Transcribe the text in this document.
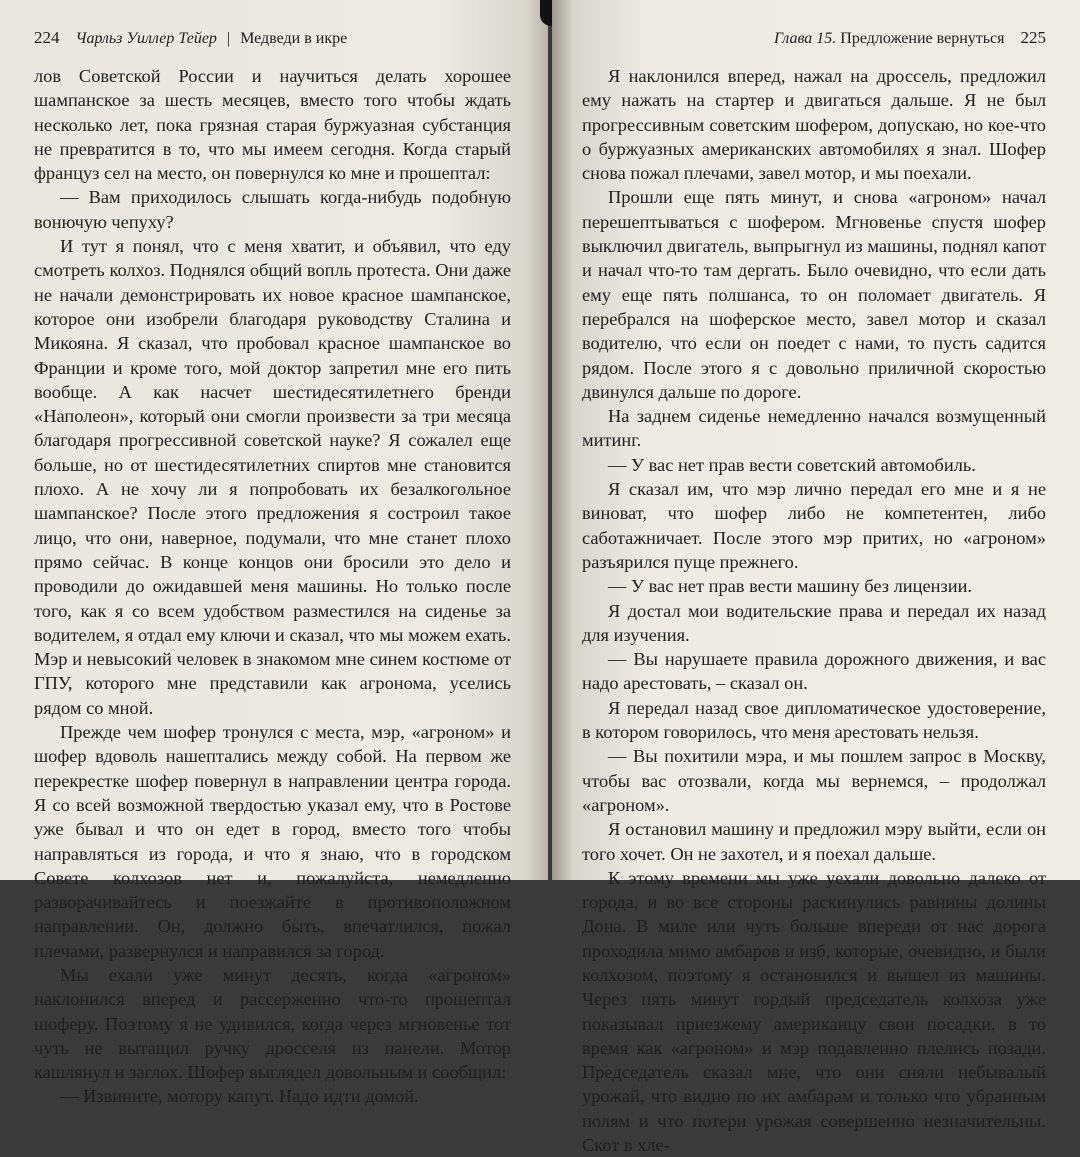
224 Чарльз Уиллер Тейер | Медведи в икре

лов Советской России и научиться делать хорошее шампанское за шесть месяцев, вместо того чтобы ждать несколько лет, пока грязная старая буржуазная субстанция не превратится в то, что мы имеем сегодня. Когда старый француз сел на место, он повернулся ко мне и прошептал:

— Вам приходилось слышать когда-нибудь подобную вонючую чепуху?

И тут я понял, что с меня хватит, и объявил, что еду смотреть колхоз. Поднялся общий вопль протеста. Они даже не начали демонстрировать их новое красное шампанское, которое они изобрели благодаря руководству Сталина и Микояна. Я сказал, что пробовал красное шампанское во Франции и кроме того, мой доктор запретил мне его пить вообще. А как насчет шестидесятилетнего бренди «Наполеон», который они смогли произвести за три месяца благодаря прогрессивной советской науке? Я сожалел еще больше, но от шестидесятилетних спиртов мне становится плохо. А не хочу ли я попробовать их безалкогольное шампанское? После этого предложения я состроил такое лицо, что они, наверное, подумали, что мне станет плохо прямо сейчас. В конце концов они бросили это дело и проводили до ожидавшей меня машины. Но только после того, как я со всем удобством разместился на сиденье за водителем, я отдал ему ключи и сказал, что мы можем ехать. Мэр и невысокий человек в знакомом мне синем костюме от ГПУ, которого мне представили как агронома, уселись рядом со мной.

Прежде чем шофер тронулся с места, мэр, «агроном» и шофер вдоволь нашептались между собой. На первом же перекрестке шофер повернул в направлении центра города. Я со всей возможной твердостью указал ему, что в Ростове уже бывал и что он едет в город, вместо того чтобы направляться из города, и что я знаю, что в городском Совете колхозов нет и, пожалуйста, немедленно разворачивайтесь и поезжайте в противоположном направлении. Он, должно быть, впечатлился, пожал плечами, развернулся и направился за город.

Мы ехали уже минут десять, когда «агроном» наклонился вперед и рассерженно что-то прошептал шоферу. Поэтому я не удивился, когда через мгновенье тот чуть не вытащил ручку дросселя из панели. Мотор кашлянул и заглох. Шофер выглядел довольным и сообщил:

— Извините, мотору капут. Надо идти домой.

Глава 15. Предложение вернуться 225

Я наклонился вперед, нажал на дроссель, предложил ему нажать на стартер и двигаться дальше. Я не был прогрессивным советским шофером, допускаю, но кое-что о буржуазных американских автомобилях я знал. Шофер снова пожал плечами, завел мотор, и мы поехали.

Прошли еще пять минут, и снова «агроном» начал перешептываться с шофером. Мгновенье спустя шофер выключил двигатель, выпрыгнул из машины, поднял капот и начал что-то там дергать. Было очевидно, что если дать ему еще пять полшанса, то он поломает двигатель. Я перебрался на шоферское место, завел мотор и сказал водителю, что если он поедет с нами, то пусть садится рядом. После этого я с довольно приличной скоростью двинулся дальше по дороге.

На заднем сиденье немедленно начался возмущенный митинг.

— У вас нет прав вести советский автомобиль.

Я сказал им, что мэр лично передал его мне и я не виноват, что шофер либо не компетентен, либо саботажничает. После этого мэр притих, но «агроном» разъярился пуще прежнего.

— У вас нет прав вести машину без лицензии.

Я достал мои водительские права и передал их назад для изучения.

— Вы нарушаете правила дорожного движения, и вас надо арестовать, – сказал он.

Я передал назад свое дипломатическое удостоверение, в котором говорилось, что меня арестовать нельзя.

— Вы похитили мэра, и мы пошлем запрос в Москву, чтобы вас отозвали, когда мы вернемся, – продолжал «агроном».

Я остановил машину и предложил мэру выйти, если он того хочет. Он не захотел, и я поехал дальше.

К этому времени мы уже уехали довольно далеко от города, и во все стороны раскинулись равнины долины Дона. В миле или чуть больше впереди от нас дорога проходила мимо амбаров и изб, которые, очевидно, и были колхозом, поэтому я остановился и вышел из машины. Через пять минут гордый председатель колхоза уже показывал приезжему американцу свои посадки, в то время как «агроном» и мэр подавленно плелись позади. Председатель сказал мне, что они сняли небывалый урожай, что видно по их амбарам и только что убранным полям и что потери урожая совершенно незначительны. Скот в хле-
